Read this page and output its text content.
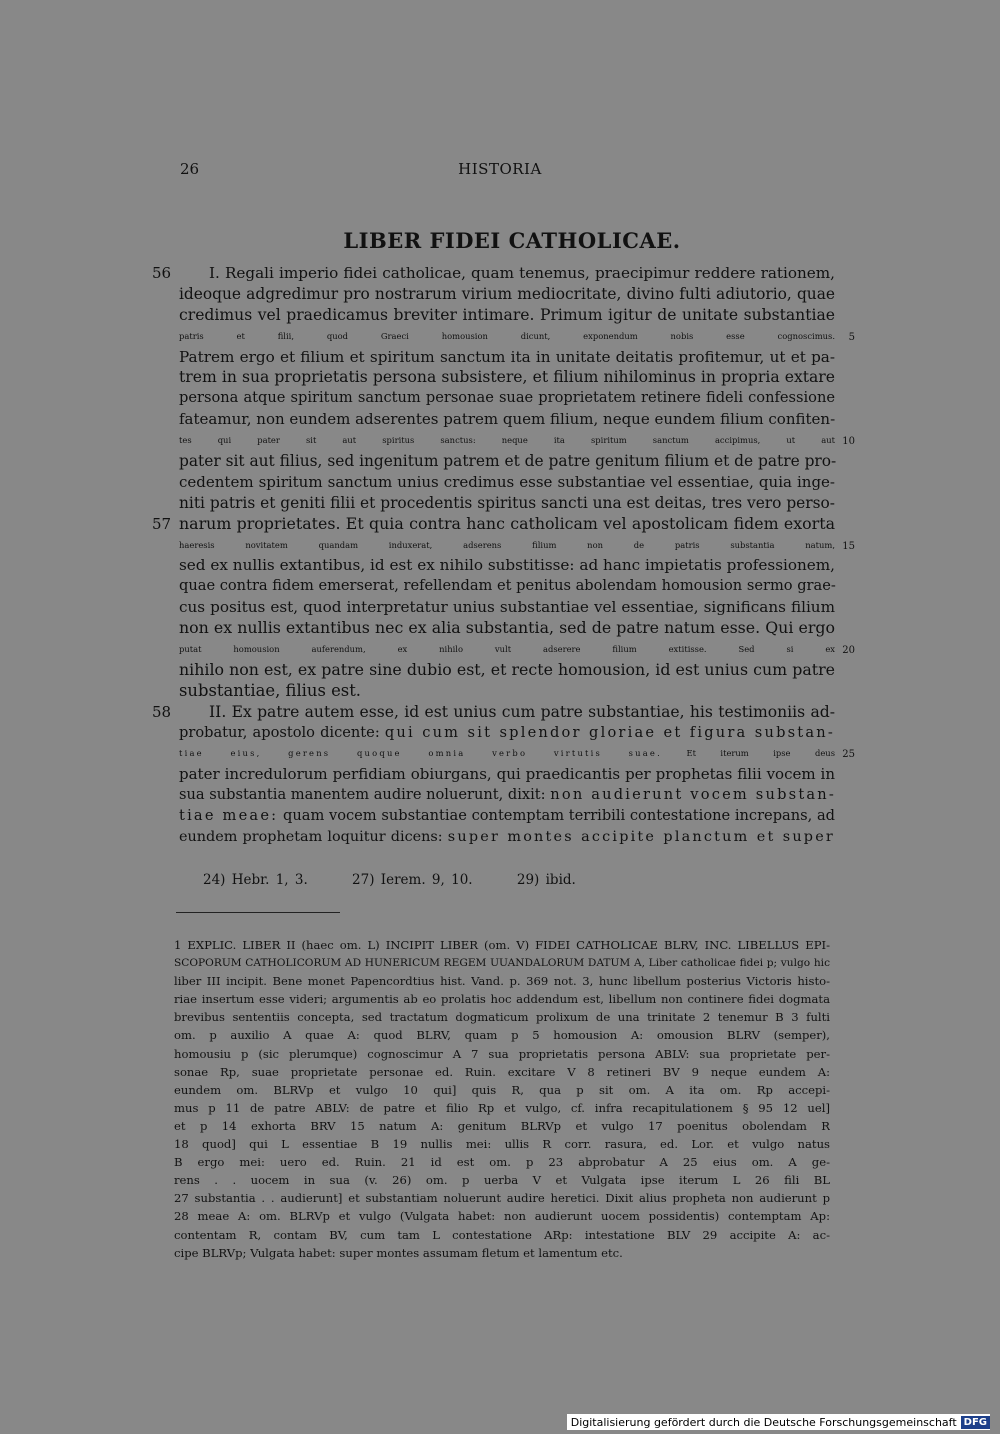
26	HISTORIA
LIBER FIDEI CATHOLICAE.
56 I. Regali imperio fidei catholicae, quam tenemus, praecipimur reddere rationem,
ideoque adgredimur pro nostrarum virium mediocritate, divino fulti adiutorio, quae
credimus vel praedicamus breviter intimare. Primum igitur de unitate substantiae
patris et filii, quod Graeci homousion dicunt, exponendum nobis esse cognoscimus. 5
Patrem ergo et filium et spiritum sanctum ita in unitate deitatis profitemur, ut et pa-
trem in sua proprietatis persona subsistere, et filium nihilominus in propria extare
persona atque spiritum sanctum personae suae proprietatem retinere fideli confessione
fateamur, non eundem adserentes patrem quem filium, neque eundem filium confiten-
tes qui pater sit aut spiritus sanctus: neque ita spiritum sanctum accipimus, ut aut 10
pater sit aut filius, sed ingenitum patrem et de patre genitum filium et de patre pro-
cedentem spiritum sanctum unius credimus esse substantiae vel essentiae, quia inge-
niti patris et geniti filii et procedentis spiritus sancti una est deitas, tres vero perso-
57 narum proprietates. Et quia contra hanc catholicam vel apostolicam fidem exorta
haeresis novitatem quandam induxerat, adserens filium non de patris substantia natum, 15
sed ex nullis extantibus, id est ex nihilo substitisse: ad hanc impietatis professionem,
quae contra fidem emerserat, refellendam et penitus abolendam homousion sermo grae-
cus positus est, quod interpretatur unius substantiae vel essentiae, significans filium
non ex nullis extantibus nec ex alia substantia, sed de patre natum esse. Qui ergo
putat homousion auferendum, ex nihilo vult adserere filium extitisse. Sed si ex 20
nihilo non est, ex patre sine dubio est, et recte homousion, id est unius cum patre
substantiae, filius est.
58 II. Ex patre autem esse, id est unius cum patre substantiae, his testimoniis ad-
probatur, apostolo dicente: qui cum sit splendor gloriae et figura substan-
tiae eius, gerens quoque omnia verbo virtutis suae.	Et iterum ipse deus 25
pater incredulorum perfidiam obiurgans, qui praedicantis per prophetas filii vocem in
sua substantia manentem audire noluerunt, dixit: non audierunt vocem substan-
tiae meae: quam vocem substantiae contemptam terribili contestatione increpans, ad
eundem prophetam loquitur dicens: super montes accipite planctum et super
24) Hebr. 1, 3.	27) Ierem. 9, 10.	29) ibid.
1 EXPLIC. LIBER II (haec om. L) INCIPIT LIBER (om. V) FIDEI CATHOLICAE BLRV, INC. LIBELLUS EPI-
SCOPORUM CATHOLICORUM AD HUNERICUM REGEM UUANDALORUM DATUM A, Liber catholicae fidei p; vulgo hic
liber III incipit. Bene monet Papencordtius hist. Vand. p. 369 not. 3, hunc libellum posterius Victoris histo-
riae insertum esse videri; argumentis ab eo prolatis hoc addendum est, libellum non continere fidei dogmata
brevibus sententiis concepta, sed tractatum dogmaticum prolixum de una trinitate 2 tenemur B 3 fulti
om. p auxilio A quae A: quod BLRV, quam p 5 homousion A: omousion BLRV (semper),
homousiu p (sic plerumque) cognoscimur A 7 sua proprietatis persona ABLV: sua proprietate per-
sonae Rp, suae proprietate personae ed. Ruin. excitare V 8 retineri BV 9 neque eundem A:
eundem om. BLRVp et vulgo 10 qui] quis R, qua p sit om. A ita om. Rp accepi-
mus p 11 de patre ABLV: de patre et filio Rp et vulgo, cf. infra recapitulationem § 95 12 uel]
et p 14 exhorta BRV 15 natum A: genitum BLRVp et vulgo 17 poenitus obolendam R
18 quod] qui L essentiae B 19 nullis mei: ullis R corr. rasura, ed. Lor. et vulgo natus
B ergo mei: uero ed. Ruin. 21 id est om. p 23 abprobatur A 25 eius om. A ge-
rens . . uocem in sua (v. 26) om. p uerba V et Vulgata ipse iterum L 26 fili BL
27 substantia . . audierunt] et substantiam noluerunt audire heretici. Dixit alius propheta non audierunt p
28 meae A: om. BLRVp et vulgo (Vulgata habet: non audierunt uocem possidentis) contemptam Ap:
contentam R, contam BV, cum tam L contestatione ARp: intestatione BLV 29 accipite A: ac-
cipe BLRVp; Vulgata habet: super montes assumam fletum et lamentum etc.
Digitalisierung gefördert durch die Deutsche Forschungsgemeinschaft DFG
